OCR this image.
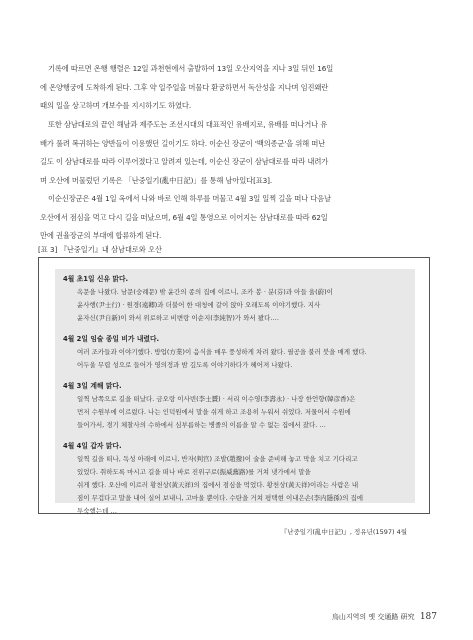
기록에 따르면 온행 행렬은 12일 과천현에서 출발하여 13일 오산지역을 지나 3일 뒤인 16일
에 온양행궁에 도착하게 된다. 그후 약 일주일을 머물다 환궁하면서 독산성을 지나며 임진왜란
때의 일을 상고하며 개보수를 지시하기도 하였다.
또한 삼남대로의 끝인 해남과 제주도는 조선시대의 대표적인 유배지로, 유배를 떠나거나 유
배가 풀려 복귀하는 양반들이 이용했던 길이기도 하다. 이순신 장군이 '백의종군'을 위해 떠난
길도 이 삼남대로를 따라 이루어졌다고 알려져 있는데, 이순신 장군이 삼남대로를 따라 내려가
며 오산에 머물렀던 기록은 「난중일기(亂中日記)」를 통해 남아있다[표3].
이순신장군은 4월 1일 옥에서 나와 바로 인해 하루를 머물고 4월 3일 일찍 길을 떠나 다음날
오산에서 점심을 먹고 다시 길을 떠났으며, 6월 4일 통영으로 이어지는 삼남대로를 따라 62일
만에 권율장군의 부대에 합류하게 된다.
[표 3] 『난중일기』내 삼남대로와 오산

4월 초1일 신유 맑다.

옥문을 나왔다. 남문(숭례문) 밖 윤간의 종의 집에 이르니, 조카 봉 · 분(芬)과 아들 울(蔚)이

윤사행(尹士行) · 원경(遠卿)과 더불어 한 대청에 같이 앉아 오래도록 이야기했다. 지사

윤자신(尹自新)이 와서 위로하고 비변랑 이순지(李純智)가 와서 봤다.…

4월 2일 임술 종일 비가 내렸다.

여러 조카들과 이야기했다. 방업(方業)이 음식을 매우 풍성하게 차려 왔다. 필공을 불러 붓을 매게 했다.

어두울 무렵 성으로 들어가 영의정과 밤 깊도록 이야기하다가 헤어져 나왔다.

4월 3일 계해 맑다.

일찍 남쪽으로 길을 떠났다. 금오랑 이사빈(李士贇) · 서리 이수영(李壽永) · 나장 한언향(韓彦香)은

먼저 수원부에 이르렀다. 나는 인덕원에서 말을 쉬게 하고 조용히 누워서 쉬었다. 저물어서 수원에

들어가서, 경기 체찰사의 수하에서 심부름하는 병졸의 이름을 알 수 없는 집에서 잤다. …

4월 4일 갑자 맑다.

일찍 길을 떠나, 독성 아래에 이르니, 반자(判官) 조발(趙撥)이 술을 준비해 놓고 막을 치고 기다리고

있었다. 취하도록 마시고 길을 떠나 바로 진위구로(振威舊路)를 거쳐 냇가에서 말을

쉬게 했다. 오산에 이르러 황천상(黃天祥)의 집에서 점심을 먹었다. 황천상(黃天祥)이라는 사람은 내

짐이 무겁다고 말을 내어 실어 보내니, 고마울 뿐이다. 수탄을 거쳐 평택현 이내은손(李内隱孫)의 집에

투숙했는데 …

『난중일기(亂中日記)』, 정유년(1597) 4월

烏山지역의 옛 交通路 研究 187
